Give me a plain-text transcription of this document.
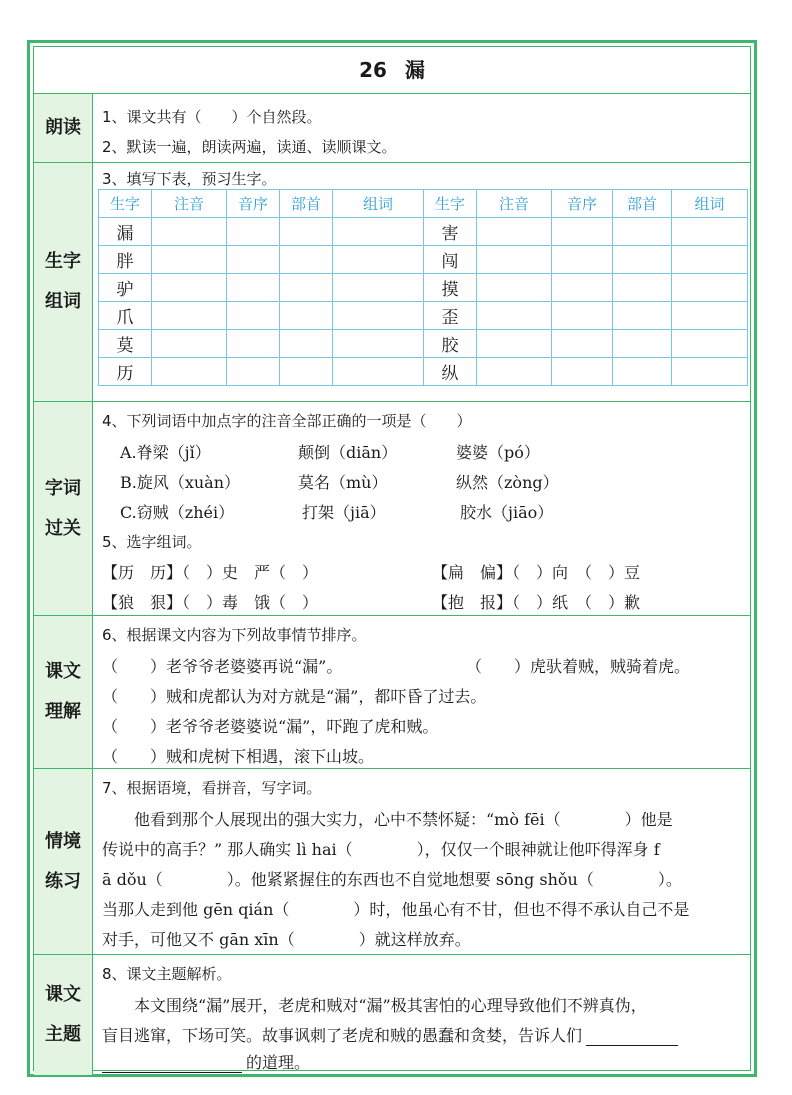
26 漏
朗读 1、课文共有（　　）个自然段。
2、默读一遍，朗读两遍，读通、读顺课文。
生字
组词
3、填写下表，预习生字。
生字	注音	音序	部首	组词	生字	注音	音序	部首	组词
漏					害				
胖					闯				
驴					摸				
爪					歪				
莫					胶				
历					纵				
字词
过关
4、下列词语中加点字的注音全部正确的一项是（　　）
A.脊梁（jǐ）	颠倒（diān）	婆婆（pó）
B.旋风（xuàn）	莫名（mù）	纵然（zòng）
C.窃贼（zhéi）	打架（jiā）	胶水（jiāo）
5、选字组词。
【历　历】（　）史　严（　）	【扁　偏】（　）向　（　）豆
【狼　狠】（　）毒　饿（　）	【抱　报】（　）纸　（　）歉
课文
理解
6、根据课文内容为下列故事情节排序。
（　　）老爷爷老婆婆再说“漏”。	（　　）虎驮着贼，贼骑着虎。
（　　）贼和虎都认为对方就是“漏”，都吓昏了过去。
（　　）老爷爷老婆婆说“漏”，吓跑了虎和贼。
（　　）贼和虎树下相遇，滚下山坡。
情境
练习
7、根据语境，看拼音，写字词。
　　他看到那个人展现出的强大实力，心中不禁怀疑：“mò fēi（　　　　）他是
传说中的高手？” 那人确实 lì hai（　　　　），仅仅一个眼神就让他吓得浑身 f
ā dǒu（　　　　）。他紧紧握住的东西也不自觉地想要 sōng shǒu（　　　　）。
当那人走到他 gēn qián（　　　　）时，他虽心有不甘，但也不得不承认自己不是
对手，可他又不 gān xīn（　　　　）就这样放弃。
课文
主题
8、课文主题解析。
　　本文围绕“漏”展开，老虎和贼对“漏”极其害怕的心理导致他们不辨真伪，
盲目逃窜，下场可笑。故事讽刺了老虎和贼的愚蠢和贪婪，告诉人们
的道理。
